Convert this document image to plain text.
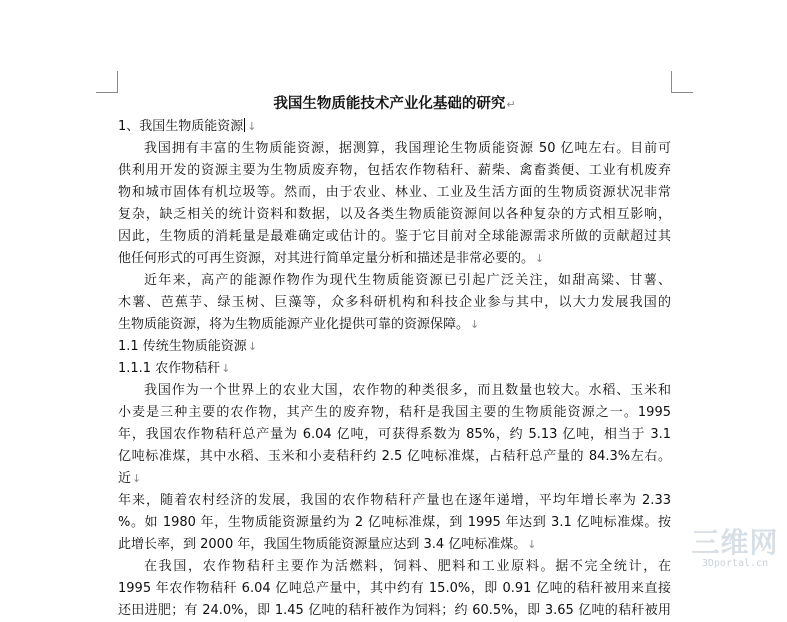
我国生物质能技术产业化基础的研究↵
1、我国生物质能资源 ↓
我国拥有丰富的生物质能资源，据测算，我国理论生物质能资源 50 亿吨左右。目前可
供利用开发的资源主要为生物质废弃物，包括农作物秸秆、薪柴、禽畜粪便、工业有机废弃
物和城市固体有机垃圾等。然而，由于农业、林业、工业及生活方面的生物质资源状况非常
复杂，缺乏相关的统计资料和数据，以及各类生物质能资源间以各种复杂的方式相互影响，
因此，生物质的消耗量是最难确定或估计的。鉴于它目前对全球能源需求所做的贡献超过其
他任何形式的可再生资源，对其进行简单定量分析和描述是非常必要的。↓
近年来，高产的能源作物作为现代生物质能资源已引起广泛关注，如甜高粱、甘薯、
木薯、芭蕉芋、绿玉树、巨藻等，众多科研机构和科技企业参与其中，以大力发展我国的
生物质能资源，将为生物质能源产业化提供可靠的资源保障。↓
1.1 传统生物质能资源↓
1.1.1 农作物秸秆↓
我国作为一个世界上的农业大国，农作物的种类很多，而且数量也较大。水稻、玉米和
小麦是三种主要的农作物，其产生的废弃物，秸秆是我国主要的生物质能资源之一。1995
年，我国农作物秸秆总产量为 6.04 亿吨，可获得系数为 85%，约 5.13 亿吨，相当于 3.1
亿吨标准煤，其中水稻、玉米和小麦秸秆约 2.5 亿吨标准煤，占秸秆总产量的 84.3%左右。
近↓
年来，随着农村经济的发展，我国的农作物秸秆产量也在逐年递增，平均年增长率为 2.33
%。如 1980 年，生物质能资源量约为 2 亿吨标准煤，到 1995 年达到 3.1 亿吨标准煤。按
此增长率，到 2000 年，我国生物质能资源量应达到 3.4 亿吨标准煤。↓
在我国，农作物秸秆主要作为活燃料，饲料、肥料和工业原料。据不完全统计，在
1995 年农作物秸秆 6.04 亿吨总产量中，其中约有 15.0%，即 0.91 亿吨的秸秆被用来直接
还田进肥；有 24.0%，即 1.45 亿吨的秸秆被作为饲料；约 60.5%，即 3.65 亿吨的秸秆被用
三维网
3Dportal.cn
